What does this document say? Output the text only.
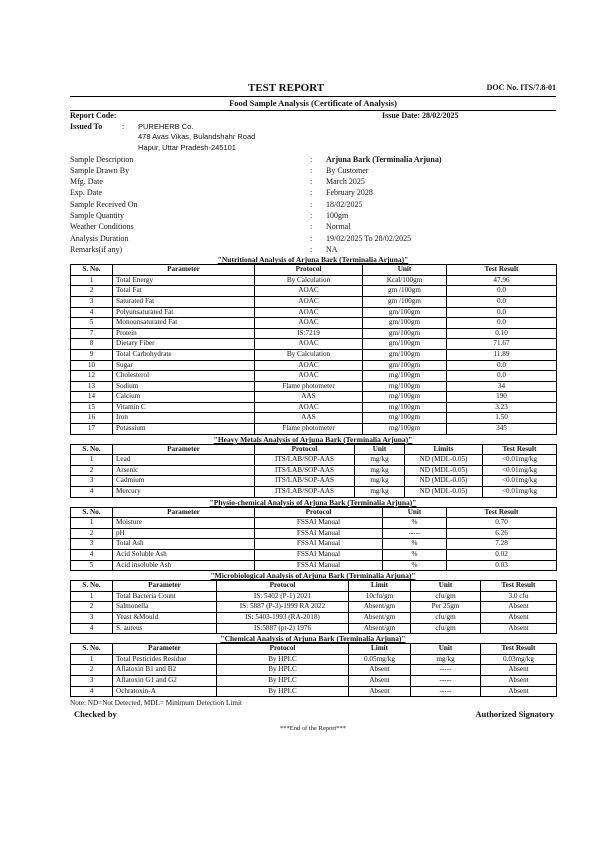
TEST REPORT	DOC No. ITS/7.8-01
Food Sample Analysis (Certificate of Analysis)
Report Code:	Issue Date: 28/02/2025
Issued To : PUREHERB Co.
478 Avas Vikas, Bulandshahr Road
Hapur, Uttar Pradesh-245101
Sample Description	: Arjuna Bark (Terminalia Arjuna)
Sample Drawn By	: By Customer
Mfg. Date	: March 2025
Exp. Date	: February 2028
Sample Received On	: 18/02/2025
Sample Quantity	: 100gm
Weather Conditions	: Normal
Analysis Duration	: 19/02/2025 To 28/02/2025
Remarks(if any)	: NA
"Nutritional Analysis of Arjuna Bark (Terminalia Arjuna)"
S. No.	Parameter	Protocol	Unit	Test Result
1	Total Energy	By Calculation	Kcal/100gm	47.96
2	Total Fat	AOAC	gm /100gm	0.0
3	Saturated Fat	AOAC	gm /100gm	0.0
4	Polyunsaturated Fat	AOAC	gm/100gm	0.0
5	Monounsaturated Fat	AOAC	gm/100gm	0.0
7	Protein	IS:7219	gm/100gm	0.10
8	Dietary Fiber	AOAC	gm/100gm	71.67
9	Total Carbohydrate	By Calculation	gm/100gm	11.89
10	Sugar	AOAC	gm/100gm	0.0
12	Cholesterol	AOAC	mg/100gm	0.0
13	Sodium	Flame photometer	mg/100gm	34
14	Calcium	AAS	mg/100gm	190
15	Vitamin C	AOAC	mg/100gm	3.23
16	Iron	AAS	mg/100gm	1.50
17	Potassium	Flame photometer	mg/100gm	345
"Heavy Metals Analysis of Arjuna Bark (Terminalia Arjuna)"
S. No.	Parameter	Protocol	Unit	Limits	Test Result
1	Lead	ITS/LAB/SOP-AAS	mg/kg	ND (MDL-0.05)	<0.01mg/kg
2	Arsenic	ITS/LAB/SOP-AAS	mg/kg	ND (MDL-0.05)	<0.01mg/kg
3	Cadmium	ITS/LAB/SOP-AAS	mg/kg	ND (MDL-0.05)	<0.01mg/kg
4	Mercury	ITS/LAB/SOP-AAS	mg/kg	ND (MDL-0.05)	<0.01mg/kg
"Physio-chemical Analysis of Arjuna Bark (Terminalia Arjuna)"
S. No.	Parameter	Protocol	Unit	Test Result
1	Moisture	FSSAI Manual	%	0.70
2	pH	FSSAI Manual	-----	6.26
3	Total Ash	FSSAI Manual	%	7.28
4	Acid Soluble Ash	FSSAI Manual	%	0.02
5	Acid insoluble Ash	FSSAI Manual	%	0.03
"Microbiological Analysis of Arjuna Bark (Terminalia Arjuna)"
S. No.	Parameter	Protocol	Limit	Unit	Test Result
1	Total Bacteria Count	IS: 5402 (P-1) 2021	10cfu/gm	cfu/gm	3.0 cfu
2	Salmonella	IS: 5887 (P-3)-1999 RA 2022	Absent/gm	Per 25gm	Absent
3	Yeast &Mould	IS: 5403-1993 (RA-2018)	Absent/gm	cfu/gm	Absent
4	S. aureus	IS:5887 (pt-2) 1976	Absent/gm	cfu/gm	Absent
"Chemical Analysis of Arjuna Bark (Terminalia Arjuna)"
S. No.	Parameter	Protocol	Limit	Unit	Test Result
1	Total Pesticides Residue	By HPLC	0.05mg/kg	mg/kg	0.03mg/kg
2	Aflatoxin B1 and B2	By HPLC	Absent	-----	Absent
3	Aflatoxin G1 and G2	By HPLC	Absent	-----	Absent
4	Ochratoxin-A	By HPLC	Absent	-----	Absent
Note: ND=Not Detected, MDL= Minimum Detection Limit
Checked by	Authorized Signatory
***End of the Report***
